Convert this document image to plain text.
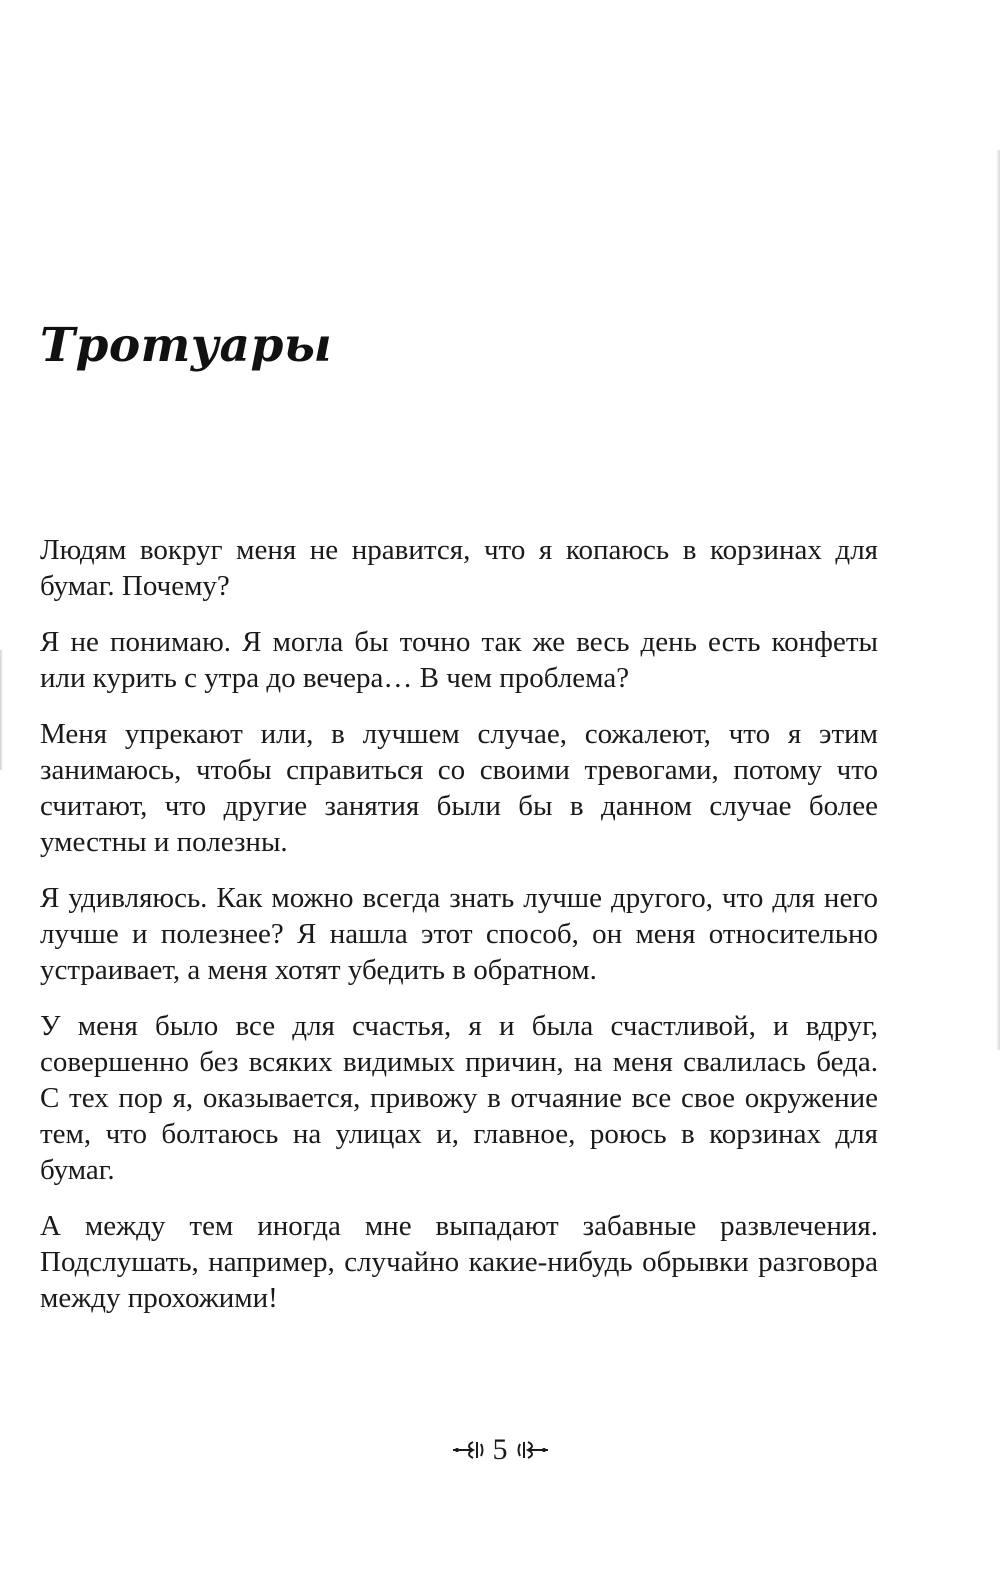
Тротуары

Людям вокруг меня не нравится, что я копаюсь в корзинах для бумаг. Почему?

Я не понимаю. Я могла бы точно так же весь день есть конфеты или курить с утра до вечера… В чем проблема?

Меня упрекают или, в лучшем случае, сожалеют, что я этим занимаюсь, чтобы справиться со своими тревогами, потому что считают, что другие занятия были бы в данном случае более уместны и полезны.

Я удивляюсь. Как можно всегда знать лучше другого, что для него лучше и полезнее? Я нашла этот способ, он меня относительно устраивает, а меня хотят убедить в обратном.

У меня было все для счастья, я и была счастливой, и вдруг, совершенно без всяких видимых причин, на меня свалилась беда. С тех пор я, оказывается, привожу в отчаяние все свое окружение тем, что болтаюсь на улицах и, главное, роюсь в корзинах для бумаг.

А между тем иногда мне выпадают забавные развлечения. Подслушать, например, случайно какие-нибудь обрывки разговора между прохожими!

5
